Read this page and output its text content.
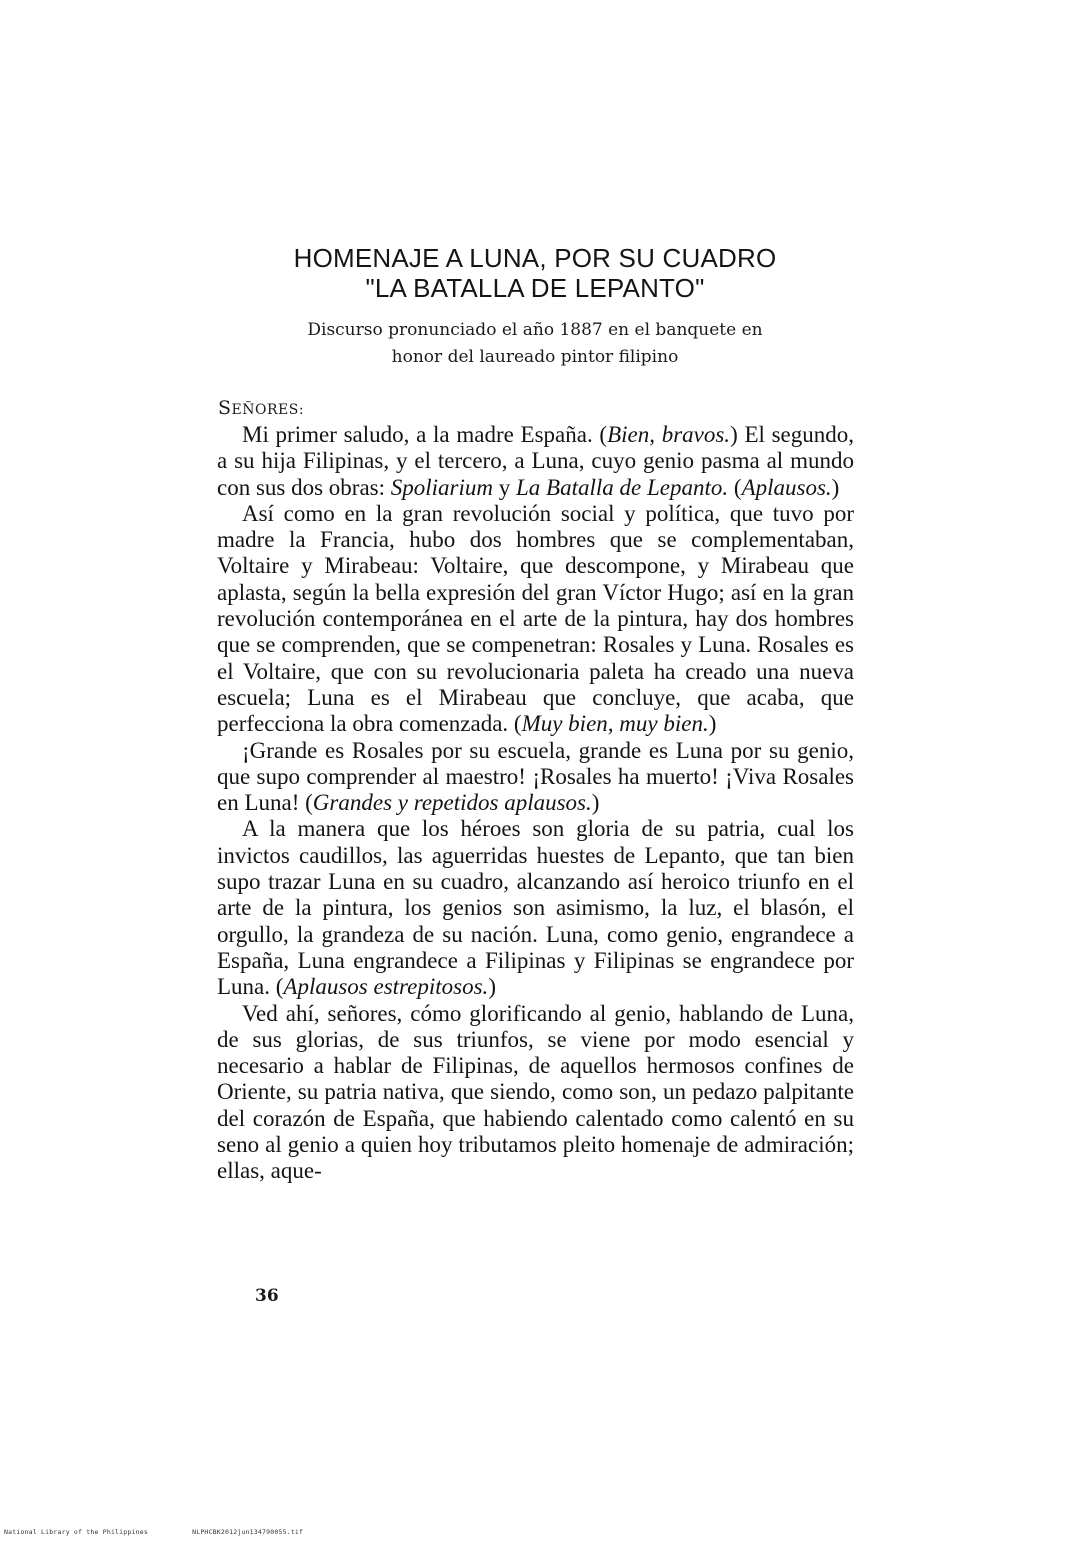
HOMENAJE A LUNA, POR SU CUADRO
"LA BATALLA DE LEPANTO"
Discurso pronunciado el año 1887 en el banquete en
honor del laureado pintor filipino
SEÑORES:

Mi primer saludo, a la madre España. (Bien, bravos.) El segundo, a su hija Filipinas, y el tercero, a Luna, cuyo genio pasma al mundo con sus dos obras: Spoliarium y La Batalla de Lepanto. (Aplausos.)

Así como en la gran revolución social y política, que tuvo por madre la Francia, hubo dos hombres que se complementaban, Voltaire y Mirabeau: Voltaire, que descompone, y Mirabeau que aplasta, según la bella expresión del gran Víctor Hugo; así en la gran revolución contemporánea en el arte de la pintura, hay dos hombres que se comprenden, que se compenetran: Rosales y Luna. Rosales es el Voltaire, que con su revolucionaria paleta ha creado una nueva escuela; Luna es el Mirabeau que concluye, que acaba, que perfecciona la obra comenzada. (Muy bien, muy bien.)

¡Grande es Rosales por su escuela, grande es Luna por su genio, que supo comprender al maestro! ¡Rosales ha muerto! ¡Viva Rosales en Luna! (Grandes y repetidos aplausos.)

A la manera que los héroes son gloria de su patria, cual los invictos caudillos, las aguerridas huestes de Lepanto, que tan bien supo trazar Luna en su cuadro, alcanzando así heroico triunfo en el arte de la pintura, los genios son asimismo, la luz, el blasón, el orgullo, la grandeza de su nación. Luna, como genio, engrandece a España, Luna engrandece a Filipinas y Filipinas se engrandece por Luna. (Aplausos estrepitosos.)

Ved ahí, señores, cómo glorificando al genio, hablando de Luna, de sus glorias, de sus triunfos, se viene por modo esencial y necesario a hablar de Filipinas, de aquellos hermosos confines de Oriente, su patria nativa, que siendo, como son, un pedazo palpitante del corazón de España, que habiendo calentado como calentó en su seno al genio a quien hoy tributamos pleito homenaje de admiración; ellas, aque-

36
National Library of the Philippines	NLPHCBK2012jun134790055.tif
